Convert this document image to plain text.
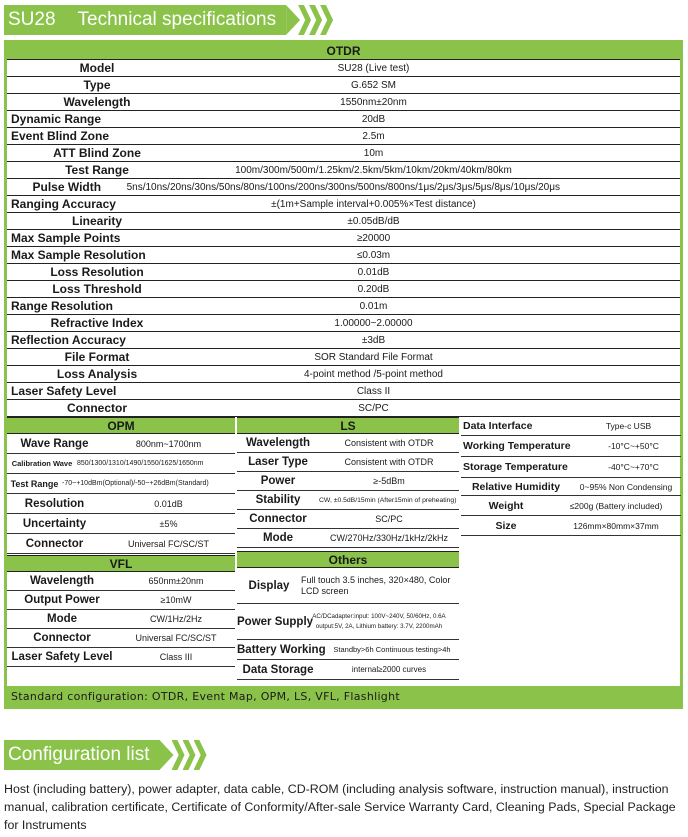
SU28 Technical specifications
OTDR
Model	SU28 (Live test)
Type	G.652 SM
Wavelength	1550nm±20nm
Dynamic Range	20dB
Event Blind Zone	2.5m
ATT Blind Zone	10m
Test Range	100m/300m/500m/1.25km/2.5km/5km/10km/20km/40km/80km
Pulse Width	5ns/10ns/20ns/30ns/50ns/80ns/100ns/200ns/300ns/500ns/800ns/1μs/2μs/3μs/5μs/8μs/10μs/20μs
Ranging Accuracy	±(1m+Sample interval+0.005%×Test distance)
Linearity	±0.05dB/dB
Max Sample Points	≥20000
Max Sample Resolution	≤0.03m
Loss Resolution	0.01dB
Loss Threshold	0.20dB
Range Resolution	0.01m
Refractive Index	1.00000~2.00000
Reflection Accuracy	±3dB
File Format	SOR Standard File Format
Loss Analysis	4-point method /5-point method
Laser Safety Level	Class II
Connector	SC/PC
OPM
Wave Range	800nm~1700nm
Calibration Wave 850/1300/1310/1490/1550/1625/1650nm
Test Range -70~+10dBm(Optional)/-50~+26dBm(Standard)
Resolution	0.01dB
Uncertainty	±5%
Connector	Universal FC/SC/ST
VFL
Wavelength	650nm±20nm
Output Power	≥10mW
Mode	CW/1Hz/2Hz
Connector	Universal FC/SC/ST
Laser Safety Level	Class III
LS
Wavelength	Consistent with OTDR
Laser Type	Consistent with OTDR
Power	≥-5dBm
Stability	CW, ±0.5dB/15min (After15min of preheating)
Connector	SC/PC
Mode	CW/270Hz/330Hz/1kHz/2kHz
Others
Display	Full touch 3.5 inches, 320×480, Color LCD screen
Power Supply AC/DCadapter:input: 100V~240V, 50/60Hz, 0.6A
output:5V, 2A, Lithium battery: 3.7V, 2200mAh
Battery Working	Standby>6h Continuous testing>4h
Data Storage	internal≥2000 curves
Data Interface	Type-c USB
Working Temperature	-10°C~+50°C
Storage Temperature	-40°C~+70°C
Relative Humidity	0~95% Non Condensing
Weight	≤200g (Battery included)
Size	126mm×80mm×37mm
Standard configuration: OTDR, Event Map, OPM, LS, VFL, Flashlight
Configuration list
Host (including battery), power adapter, data cable, CD-ROM (including analysis software, instruction manual), instruction manual, calibration certificate, Certificate of Conformity/After-sale Service Warranty Card, Cleaning Pads, Special Package for Instruments
